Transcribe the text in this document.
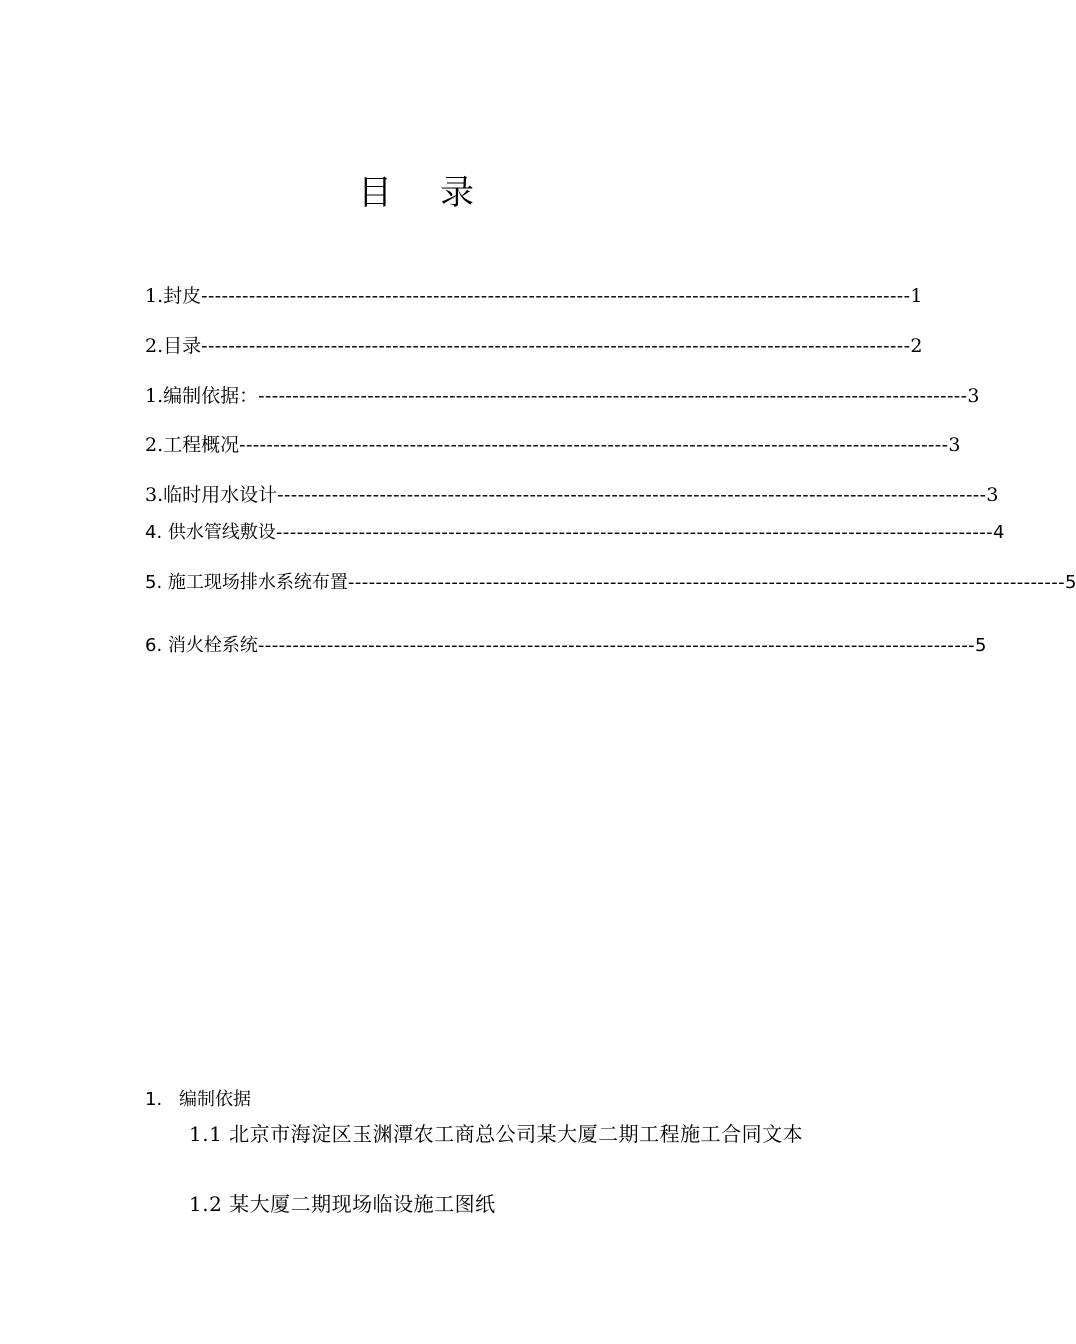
目 录
1.封皮 -------------------------------------------------------------------------------------------------------- 1
2.目录 -------------------------------------------------------------------------------------------------------- 2
1.编制依据： -------------------------------------------------------------------------------------------------------- 3
2.工程概况 -------------------------------------------------------------------------------------------------------- 3
3.临时用水设计 -------------------------------------------------------------------------------------------------------- 3
4. 供水管线敷设 -------------------------------------------------------------------------------------------------------- 4
5. 施工现场排水系统布置 -------------------------------------------------------------------------------------------------------- 5
6. 消火栓系统 -------------------------------------------------------------------------------------------------------- 5
1. 编制依据
1.1 北京市海淀区玉渊潭农工商总公司某大厦二期工程施工合同文本
1.2 某大厦二期现场临设施工图纸
